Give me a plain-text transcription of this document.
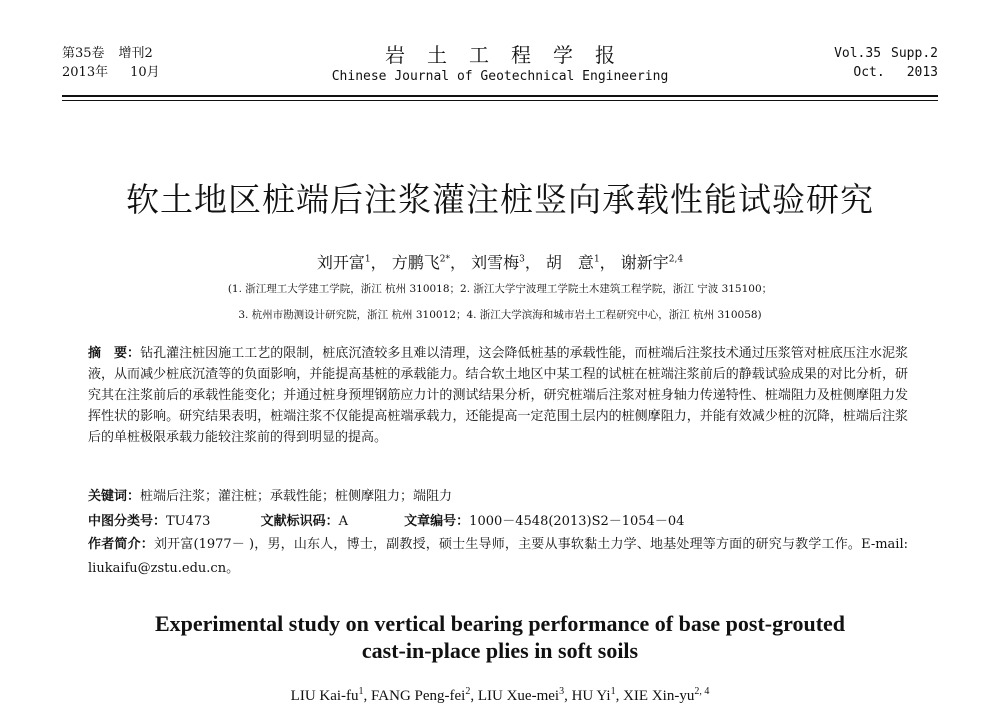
第35卷 增刊2
2013年 10月
岩土工程学报
Chinese Journal of Geotechnical Engineering
Vol.35 Supp.2
Oct. 2013
软土地区桩端后注浆灌注桩竖向承载性能试验研究
刘开富$^1$， 方鹏飞$^{2*}$， 刘雪梅$^3$， 胡　意$^1$， 谢新宇$^{2,4}$
(1. 浙江理工大学建工学院，浙江 杭州 310018；2. 浙江大学宁波理工学院土木建筑工程学院，浙江 宁波 315100；
3. 杭州市勘测设计研究院，浙江 杭州 310012；4. 浙江大学滨海和城市岩土工程研究中心，浙江 杭州 310058)
摘　要：钻孔灌注桩因施工工艺的限制，桩底沉渣较多且难以清理，这会降低桩基的承载性能，而桩端后注浆技术通过压浆管对桩底压注水泥浆液，从而减少桩底沉渣等的负面影响，并能提高基桩的承载能力。结合软土地区中某工程的试桩在桩端注浆前后的静载试验成果的对比分析，研究其在注浆前后的承载性能变化；并通过桩身预埋钢筋应力计的测试结果分析，研究桩端后注浆对桩身轴力传递特性、桩端阻力及桩侧摩阻力发挥性状的影响。研究结果表明，桩端注浆不仅能提高桩端承载力，还能提高一定范围土层内的桩侧摩阻力，并能有效减少桩的沉降，桩端后注浆后的单桩极限承载力能较注浆前的得到明显的提高。
关键词：桩端后注浆；灌注桩；承载性能；桩侧摩阻力；端阻力
中图分类号：TU473	文献标识码：A	文章编号：1000－4548(2013)S2－1054－04
作者简介：刘开富(1977－ )，男，山东人，博士，副教授，硕士生导师，主要从事软黏土力学、地基处理等方面的研究与教学工作。E-mail: liukaifu@zstu.edu.cn。
Experimental study on vertical bearing performance of base post-grouted
cast-in-place plies in soft soils
LIU Kai-$fu^1$, FANG Peng-fei$^2$, LIU Xue-mei$^3$, HU Yi$^1$, XIE Xin-yu$^{2, 4}$
